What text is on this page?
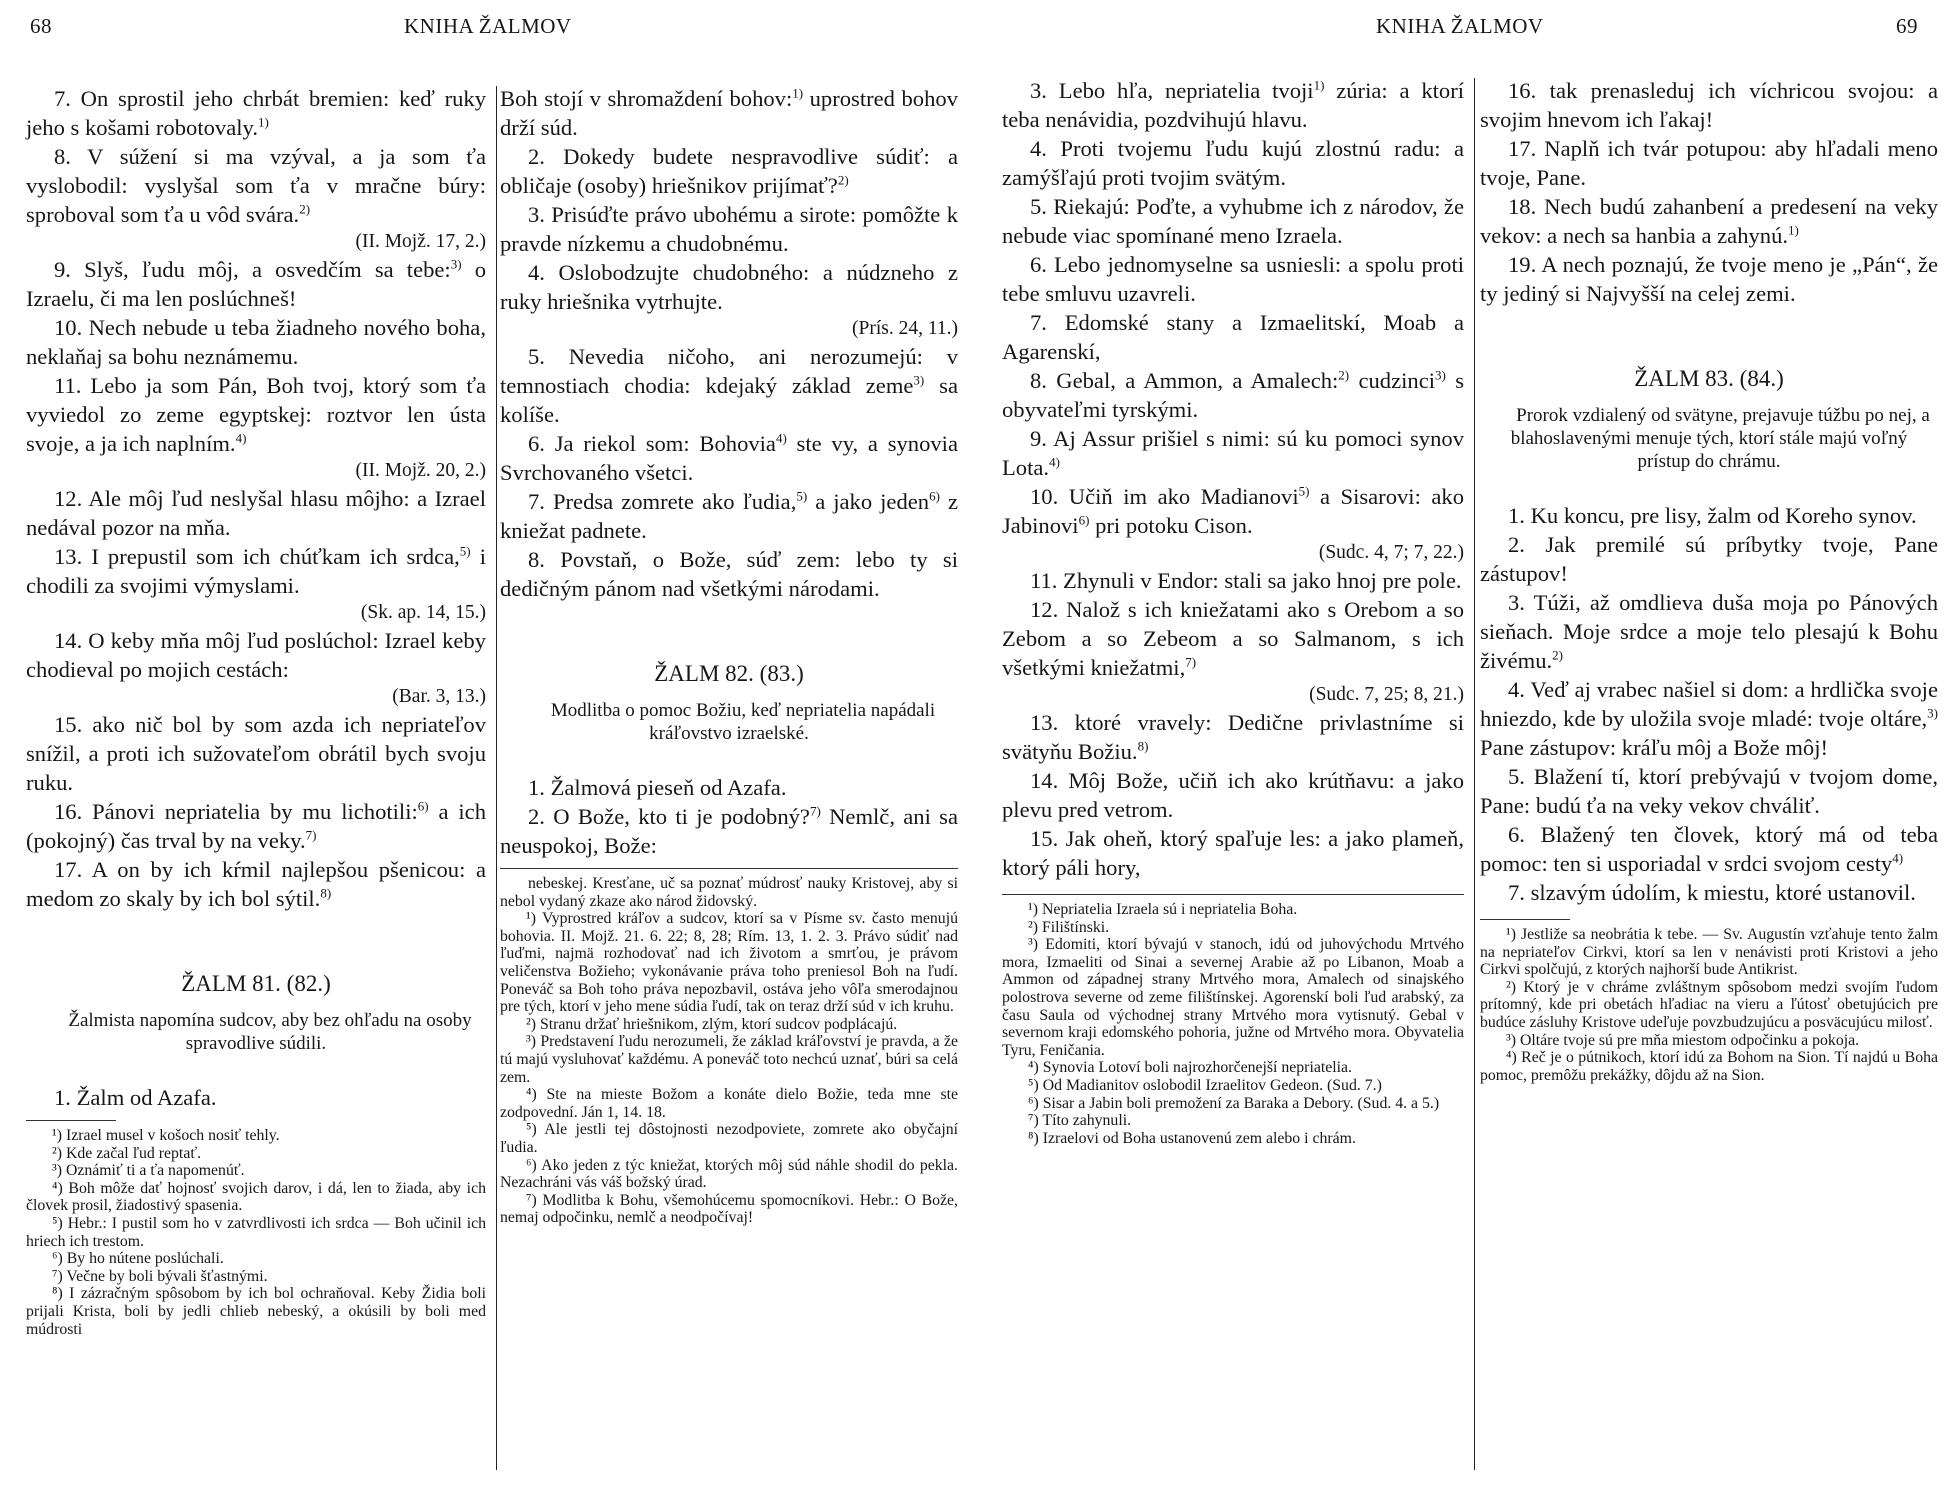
68	KNIHA ŽALMOV

7. On sprostil jeho chrbát bremien: keď ruky jeho s košami robotovaly.$^{1)}$

8. V súžení si ma vzýval, a ja som ťa vyslobodil: vyslyšal som ťa v mračne búry: sproboval som ťa u vôd svára.$^{2)}$

(II. Mojž. 17, 2.)

9. Slyš, ľudu môj, a osvedčím sa tebe:$^{3)}$ o Izraelu, či ma len poslúchneš!

10. Nech nebude u teba žiadneho nového boha, neklaňaj sa bohu neznámemu.

11. Lebo ja som Pán, Boh tvoj, ktorý som ťa vyviedol zo zeme egyptskej: roztvor len ústa svoje, a ja ich naplním.$^{4)}$

(II. Mojž. 20, 2.)

12. Ale môj ľud neslyšal hlasu môjho: a Izrael nedával pozor na mňa.

13. I prepustil som ich chúťkam ich srdca,$^{5)}$ i chodili za svojimi výmyslami.

(Sk. ap. 14, 15.)

14. O keby mňa môj ľud poslúchol: Izrael keby chodieval po mojich cestách:

(Bar. 3, 13.)

15. ako nič bol by som azda ich nepriateľov snížil, a proti ich sužovateľom obrátil bych svoju ruku.

16. Pánovi nepriatelia by mu lichotili:$^{6)}$ a ich (pokojný) čas trval by na veky.$^{7)}$

17. A on by ich kŕmil najlepšou pšenicou: a medom zo skaly by ich bol sýtil.$^{8)}$

ŽALM 81. (82.)

Žalmista napomína sudcov, aby bez ohľadu na osoby spravodlive súdili.

1. Žalm od Azafa.

¹) Izrael musel v košoch nosiť tehly.

²) Kde začal ľud reptať.

³) Oznámiť ti a ťa napomenúť.

⁴) Boh môže dať hojnosť svojich darov, i dá, len to žiada, aby ich človek prosil, žiadostivý spasenia.

⁵) Hebr.: I pustil som ho v zatvrdlivosti ich srdca — Boh učinil ich hriech ich trestom.

⁶) By ho nútene poslúchali.

⁷) Večne by boli bývali šťastnými.

⁸) I zázračným spôsobom by ich bol ochraňoval. Keby Židia boli prijali Krista, boli by jedli chlieb nebeský, a okúsili by boli med múdrosti

Boh stojí v shromaždení bohov:$^{1)}$ uprostred bohov drží súd.

2. Dokedy budete nespravodlive súdiť: a obličaje (osoby) hriešnikov prijímať?$^{2)}$

3. Prisúďte právo ubohému a sirote: pomôžte k pravde nízkemu a chudobnému.

4. Oslobodzujte chudobného: a núdzneho z ruky hriešnika vytrhujte.

(Prís. 24, 11.)

5. Nevedia ničoho, ani nerozumejú: v temnostiach chodia: kdejaký základ zeme$^{3)}$ sa kolíše.

6. Ja riekol som: Bohovia$^{4)}$ ste vy, a synovia Svrchovaného všetci.

7. Predsa zomrete ako ľudia,$^{5)}$ a jako jeden$^{6)}$ z kniežat padnete.

8. Povstaň, o Bože, súď zem: lebo ty si dedičným pánom nad všetkými národami.

ŽALM 82. (83.)

Modlitba o pomoc Božiu, keď nepriatelia napádali kráľovstvo izraelské.

1. Žalmová pieseň od Azafa.

2. O Bože, kto ti je podobný?$^{7)}$ Nemlč, ani sa neuspokoj, Bože:

nebeskej. Kresťane, uč sa poznať múdrosť nauky Kristovej, aby si nebol vydaný zkaze ako národ židovský.

¹) Vyprostred kráľov a sudcov, ktorí sa v Písme sv. často menujú bohovia. II. Mojž. 21. 6. 22; 8, 28; Rím. 13, 1. 2. 3. Právo súdiť nad ľuďmi, najmä rozhodovať nad ich životom a smrťou, je právom veličenstva Božieho; vykonávanie práva toho preniesol Boh na ľudí. Poneváč sa Boh toho práva nepozbavil, ostáva jeho vôľa smerodajnou pre tých, ktorí v jeho mene súdia ľudí, tak on teraz drží súd v ich kruhu.

²) Stranu držať hriešnikom, zlým, ktorí sudcov podplácajú.

³) Predstavení ľudu nerozumeli, že základ kráľovství je pravda, a že tú majú vysluhovať každému. A poneváč toto nechcú uznať, búri sa celá zem.

⁴) Ste na mieste Božom a konáte dielo Božie, teda mne ste zodpovední. Ján 1, 14. 18.

⁵) Ale jestli tej dôstojnosti nezodpoviete, zomrete ako obyčajní ľudia.

⁶) Ako jeden z týc kniežat, ktorých môj súd náhle shodil do pekla. Nezachráni vás váš božský úrad.

⁷) Modlitba k Bohu, všemohúcemu spomocníkovi. Hebr.: O Bože, nemaj odpočinku, nemlč a neodpočívaj!

KNIHA ŽALMOV	69

3. Lebo hľa, nepriatelia tvoji$^{1)}$ zúria: a ktorí teba nenávidia, pozdvihujú hlavu.

4. Proti tvojemu ľudu kujú zlostnú radu: a zamýšľajú proti tvojim svätým.

5. Riekajú: Poďte, a vyhubme ich z národov, že nebude viac spomínané meno Izraela.

6. Lebo jednomyselne sa usniesli: a spolu proti tebe smluvu uzavreli.

7. Edomské stany a Izmaelitskí, Moab a Agarenskí,

8. Gebal, a Ammon, a Amalech:$^{2)}$ cudzinci$^{3)}$ s obyvateľmi tyrskými.

9. Aj Assur prišiel s nimi: sú ku pomoci synov Lota.$^{4)}$

10. Učiň im ako Madianovi$^{5)}$ a Sisarovi: ako Jabinovi$^{6)}$ pri potoku Cison.

(Sudc. 4, 7; 7, 22.)

11. Zhynuli v Endor: stali sa jako hnoj pre pole.

12. Nalož s ich kniežatami ako s Orebom a so Zebom a so Zebeom a so Salmanom, s ich všetkými kniežatmi,$^{7)}$

(Sudc. 7, 25; 8, 21.)

13. ktoré vravely: Dedične privlastníme si svätyňu Božiu.$^{8)}$

14. Môj Bože, učiň ich ako krútňavu: a jako plevu pred vetrom.

15. Jak oheň, ktorý spaľuje les: a jako plameň, ktorý páli hory,

¹) Nepriatelia Izraela sú i nepriatelia Boha.

²) Filištínski.

³) Edomiti, ktorí bývajú v stanoch, idú od juhovýchodu Mrtvého mora, Izmaeliti od Sinai a severnej Arabie až po Libanon, Moab a Ammon od západnej strany Mrtvého mora, Amalech od sinajského polostrova severne od zeme filištínskej. Agorenskí boli ľud arabský, za času Saula od východnej strany Mrtvého mora vytisnutý. Gebal v severnom kraji edomského pohoria, južne od Mrtvého mora. Obyvatelia Tyru, Feničania.

⁴) Synovia Lotoví boli najrozhorčenejší nepriatelia.

⁵) Od Madianitov oslobodil Izraelitov Gedeon. (Sud. 7.)

⁶) Sisar a Jabin boli premožení za Baraka a Debory. (Sud. 4. a 5.)

⁷) Títo zahynuli.

⁸) Izraelovi od Boha ustanovenú zem alebo i chrám.

16. tak prenasleduj ich víchricou svojou: a svojim hnevom ich ľakaj!

17. Naplň ich tvár potupou: aby hľadali meno tvoje, Pane.

18. Nech budú zahanbení a predesení na veky vekov: a nech sa hanbia a zahynú.$^{1)}$

19. A nech poznajú, že tvoje meno je „Pán“, že ty jediný si Najvyšší na celej zemi.

ŽALM 83. (84.)

Prorok vzdialený od svätyne, prejavuje túžbu po nej, a blahoslavenými menuje tých, ktorí stále majú voľný prístup do chrámu.

1. Ku koncu, pre lisy, žalm od Koreho synov.

2. Jak premilé sú príbytky tvoje, Pane zástupov!

3. Túži, až omdlieva duša moja po Pánových sieňach. Moje srdce a moje telo plesajú k Bohu živému.$^{2)}$

4. Veď aj vrabec našiel si dom: a hrdlička svoje hniezdo, kde by uložila svoje mladé: tvoje oltáre,$^{3)}$ Pane zástupov: kráľu môj a Bože môj!

5. Blažení tí, ktorí prebývajú v tvojom dome, Pane: budú ťa na veky vekov chváliť.

6. Blažený ten človek, ktorý má od teba pomoc: ten si usporiadal v srdci svojom cesty$^{4)}$

7. slzavým údolím, k miestu, ktoré ustanovil.

¹) Jestliže sa neobrátia k tebe. — Sv. Augustín vzťahuje tento žalm na nepriateľov Cirkvi, ktorí sa len v nenávisti proti Kristovi a jeho Cirkvi spolčujú, z ktorých najhorší bude Antikrist.

²) Ktorý je v chráme zvláštnym spôsobom medzi svojím ľudom prítomný, kde pri obetách hľadiac na vieru a ľútosť obetujúcich pre budúce zásluhy Kristove udeľuje povzbudzujúcu a posväcujúcu milosť.

³) Oltáre tvoje sú pre mňa miestom odpočinku a pokoja.

⁴) Reč je o pútnikoch, ktorí idú za Bohom na Sion. Tí najdú u Boha pomoc, premôžu prekážky, dôjdu až na Sion.
